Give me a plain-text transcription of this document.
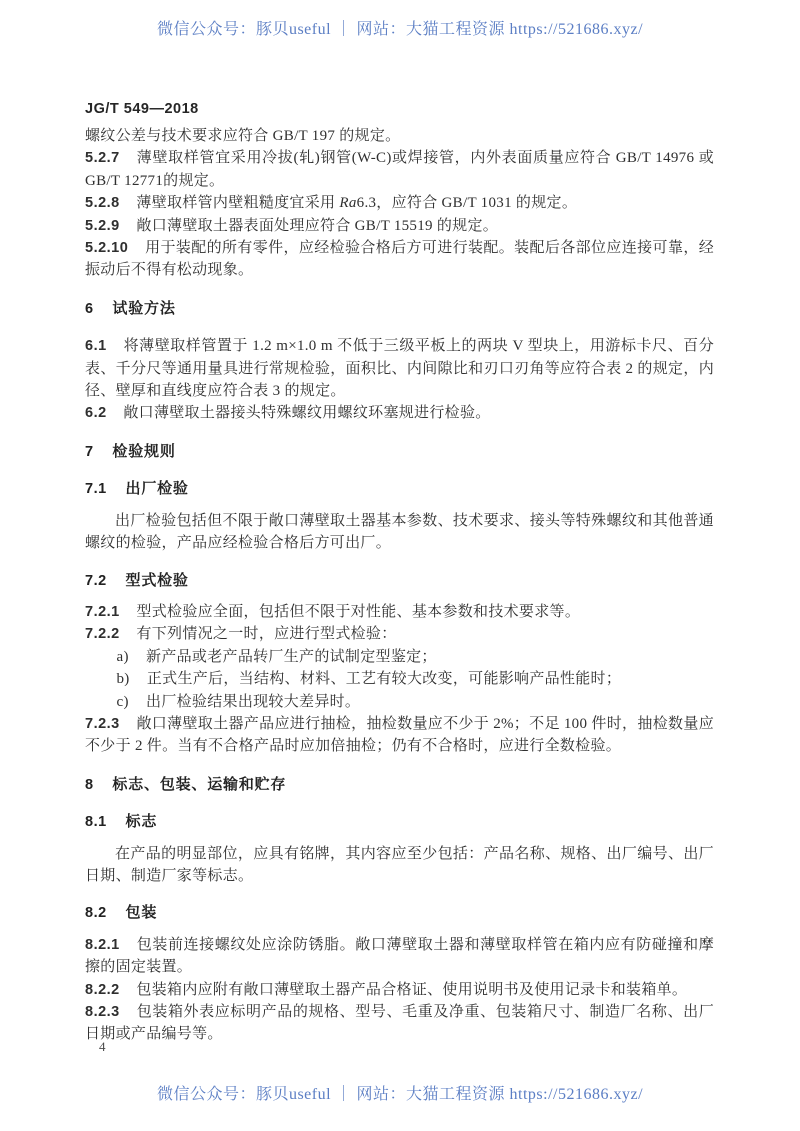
微信公众号：豚贝useful ｜ 网站：大猫工程资源 https://521686.xyz/
JG/T 549—2018

螺纹公差与技术要求应符合 GB/T 197 的规定。

5.2.7 薄壁取样管宜采用冷拔(轧)钢管(W-C)或焊接管，内外表面质量应符合 GB/T 14976 或 GB/T 12771的规定。

5.2.8 薄壁取样管内壁粗糙度宜采用 Ra6.3，应符合 GB/T 1031 的规定。

5.2.9 敞口薄壁取土器表面处理应符合 GB/T 15519 的规定。

5.2.10 用于装配的所有零件，应经检验合格后方可进行装配。装配后各部位应连接可靠，经振动后不得有松动现象。

6 试验方法

6.1 将薄壁取样管置于 1.2 m×1.0 m 不低于三级平板上的两块 V 型块上，用游标卡尺、百分表、千分尺等通用量具进行常规检验，面积比、内间隙比和刃口刃角等应符合表 2 的规定，内径、壁厚和直线度应符合表 3 的规定。

6.2 敞口薄壁取土器接头特殊螺纹用螺纹环塞规进行检验。

7 检验规则

7.1 出厂检验

出厂检验包括但不限于敞口薄壁取土器基本参数、技术要求、接头等特殊螺纹和其他普通螺纹的检验，产品应经检验合格后方可出厂。

7.2 型式检验

7.2.1 型式检验应全面，包括但不限于对性能、基本参数和技术要求等。

7.2.2 有下列情况之一时，应进行型式检验：

a) 新产品或老产品转厂生产的试制定型鉴定；

b) 正式生产后，当结构、材料、工艺有较大改变，可能影响产品性能时；

c) 出厂检验结果出现较大差异时。

7.2.3 敞口薄壁取土器产品应进行抽检，抽检数量应不少于 2%；不足 100 件时，抽检数量应不少于 2 件。当有不合格产品时应加倍抽检；仍有不合格时，应进行全数检验。

8 标志、包装、运输和贮存

8.1 标志

在产品的明显部位，应具有铭牌，其内容应至少包括：产品名称、规格、出厂编号、出厂日期、制造厂家等标志。

8.2 包装

8.2.1 包装前连接螺纹处应涂防锈脂。敞口薄壁取土器和薄壁取样管在箱内应有防碰撞和摩擦的固定装置。

8.2.2 包装箱内应附有敞口薄壁取土器产品合格证、使用说明书及使用记录卡和装箱单。

8.2.3 包装箱外表应标明产品的规格、型号、毛重及净重、包装箱尺寸、制造厂名称、出厂日期或产品编号等。

4
微信公众号：豚贝useful ｜ 网站：大猫工程资源 https://521686.xyz/
